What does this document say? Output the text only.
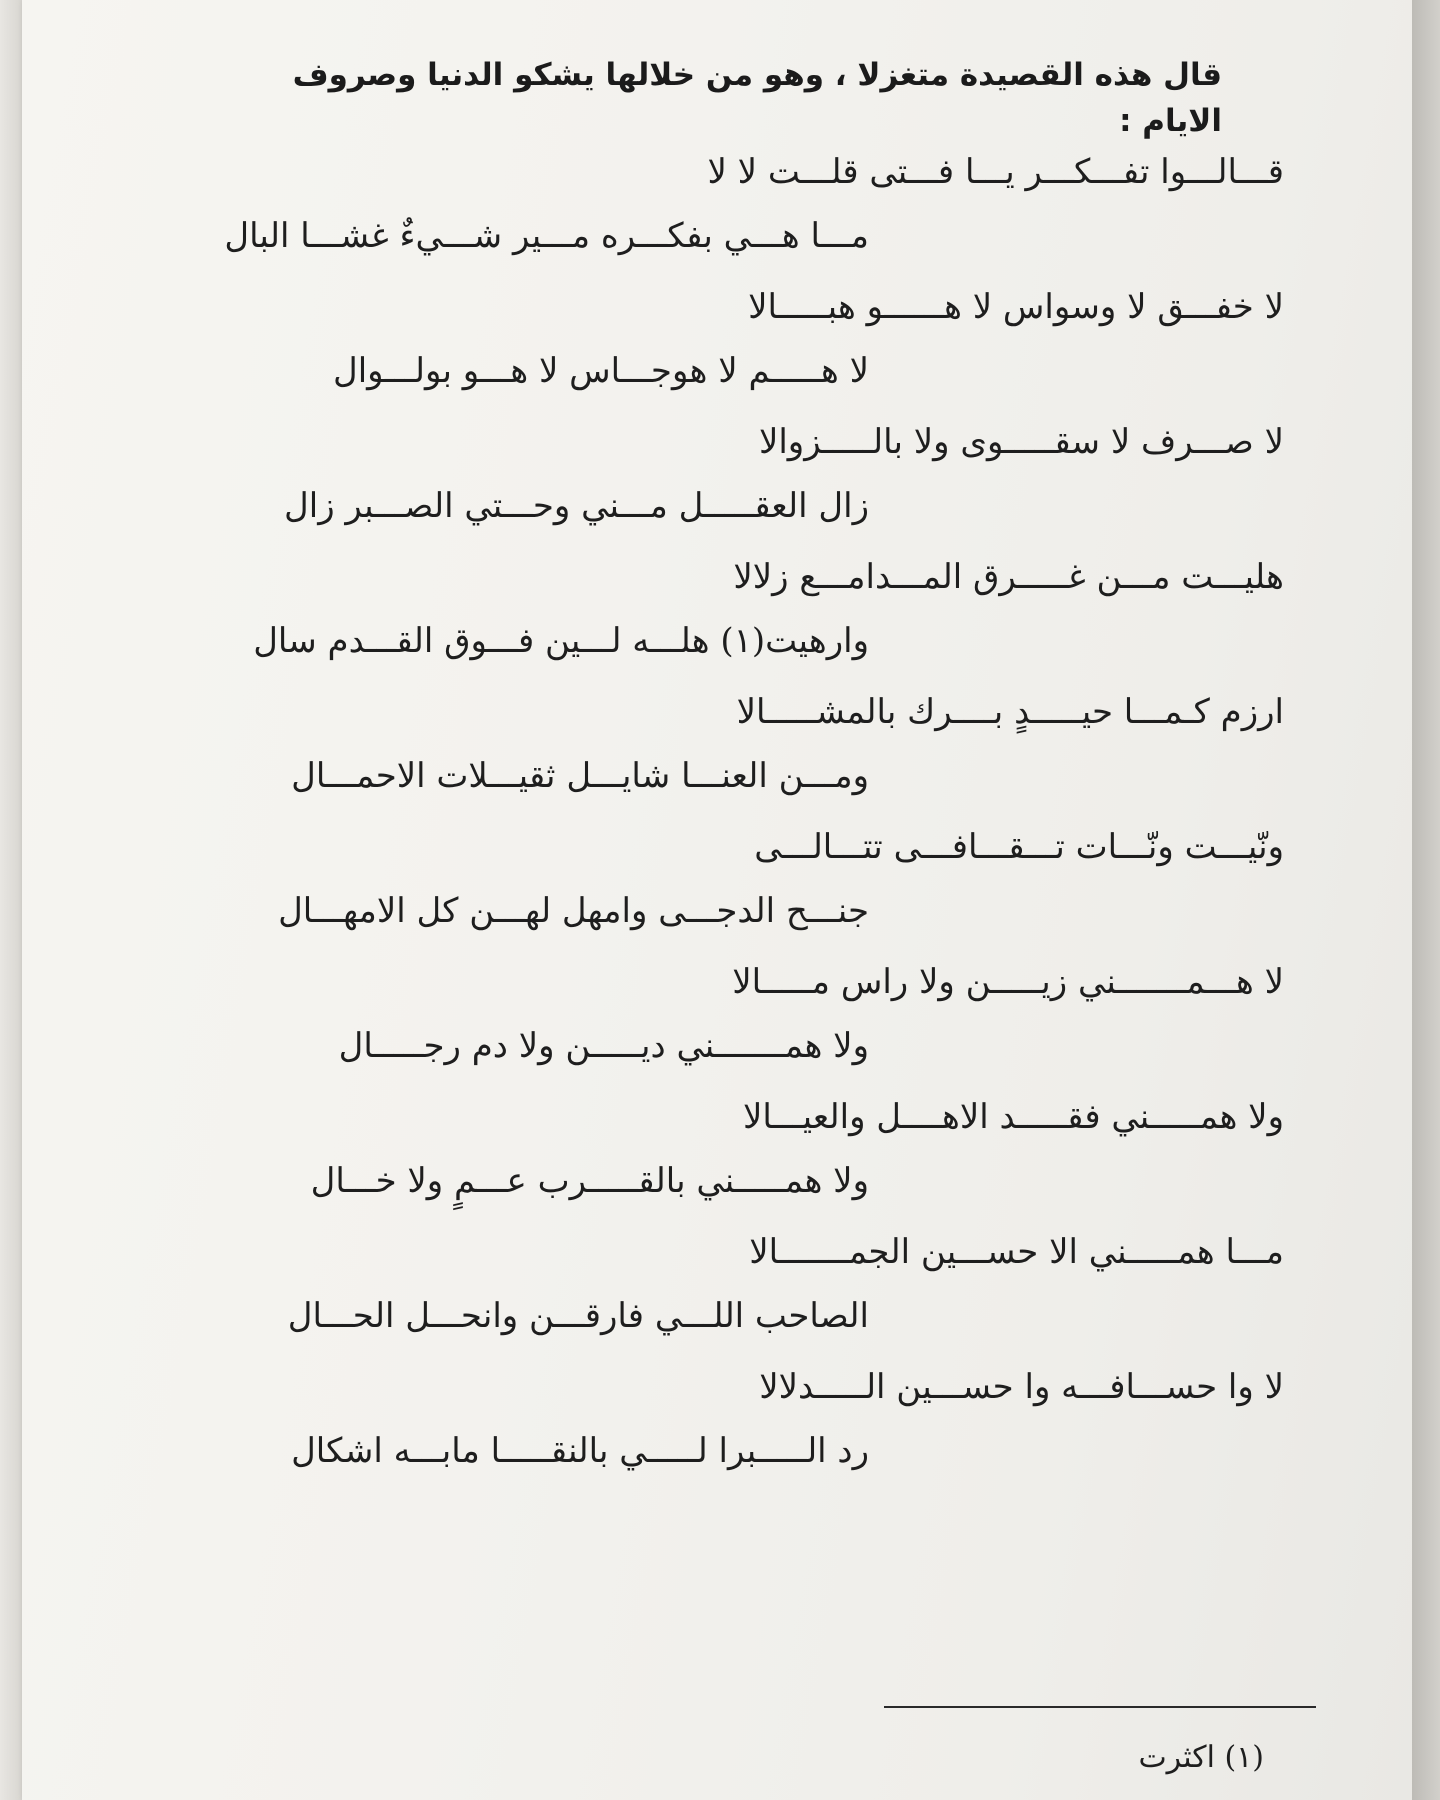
قال هذه القصيدة متغزلا ، وهو من خلالها يشكو الدنيا وصروف الايام :
قـــالـــوا تفـــكـــر يـــا فـــتى قلـــت لا لا
مـــا هـــي بفكـــره مـــير شـــيءٌ غشـــا البال
لا خفـــق لا وسواس لا هــــــو هبـــــالا
لا هـــــم لا هوجـــاس لا هـــو بولـــوال
لا صـــرف لا سقـــــوى ولا بالـــــزوالا
زال العقـــــل مـــني وحـــتي الصـــبر زال
هليـــت مـــن غـــــرق المـــدامـــع زلالا
وارهيت(١) هلـــه لـــين فـــوق القـــدم سال
ارزم كـمـــا حيـــــدٍ بــــرك بالمشـــــالا
ومـــن العنـــا شايـــل ثقيـــلات الاحمـــال
ونّيـــت ونّـــات تـــقـــافـــى تتـــالـــى
جنـــح الدجـــى وامهل لهـــن كل الامهـــال
لا هـــمـــــــني زيـــــن ولا راس مـــــالا
ولا همـــــــني ديـــــن ولا دم رجـــــال
ولا همـــــني فقـــــد الاهــــل والعيـــالا
ولا همـــــني بالقـــــرب عـــمٍ ولا خـــال
مـــا همـــــني الا حســـين الجمـــــــالا
الصاحب اللـــي فارقـــن وانحـــل الحـــال
لا وا حســـافـــه وا حســـين الـــــدلالا
رد الـــــبرا لـــــي بالنقـــــا مابـــه اشكال
(١) اكثرت
